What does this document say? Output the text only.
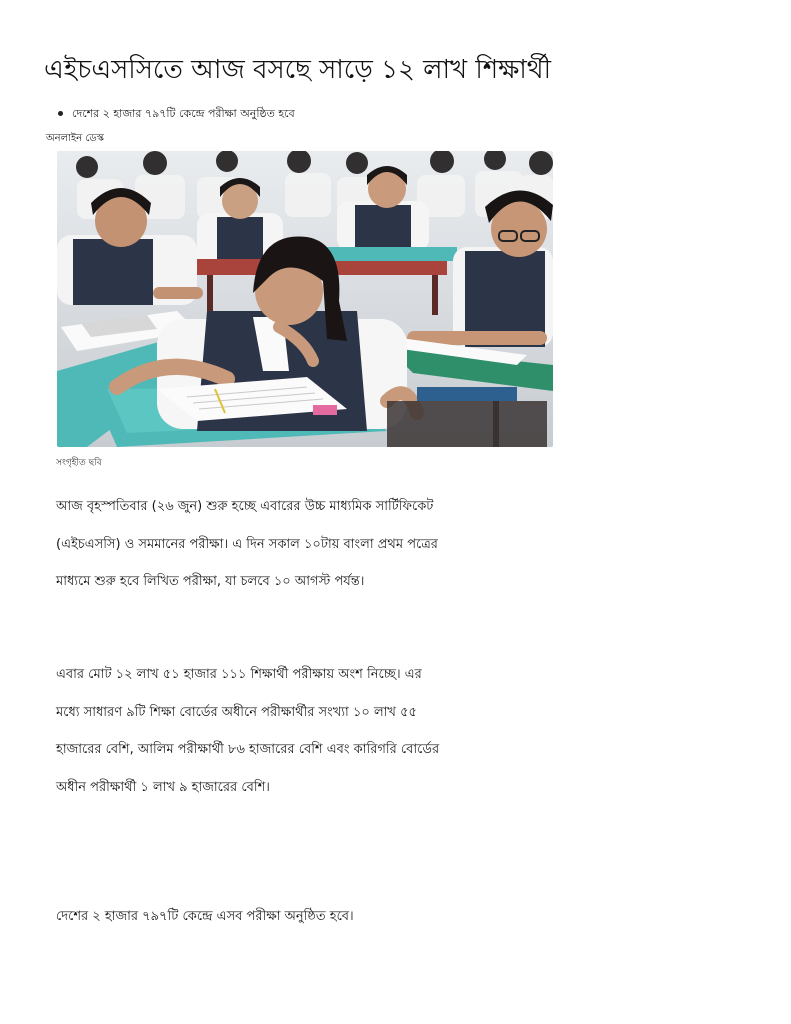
এইচএসসিতে আজ বসছে সাড়ে ১২ লাখ শিক্ষার্থী
দেশের ২ হাজার ৭৯৭টি কেন্দ্রে পরীক্ষা অনুষ্ঠিত হবে
অনলাইন ডেস্ক
সংগৃহীত ছবি

আজ বৃহস্পতিবার (২৬ জুন) শুরু হচ্ছে এবারের উচ্চ মাধ্যমিক সার্টিফিকেট (এইচএসসি) ও সমমানের পরীক্ষা। এ দিন সকাল ১০টায় বাংলা প্রথম পত্রের মাধ্যমে শুরু হবে লিখিত পরীক্ষা, যা চলবে ১০ আগস্ট পর্যন্ত।

এবার মোট ১২ লাখ ৫১ হাজার ১১১ শিক্ষার্থী পরীক্ষায় অংশ নিচ্ছে। এর মধ্যে সাধারণ ৯টি শিক্ষা বোর্ডের অধীনে পরীক্ষার্থীর সংখ্যা ১০ লাখ ৫৫ হাজারের বেশি, আলিম পরীক্ষার্থী ৮৬ হাজারের বেশি এবং কারিগরি বোর্ডের অধীন পরীক্ষার্থী ১ লাখ ৯ হাজারের বেশি।

দেশের ২ হাজার ৭৯৭টি কেন্দ্রে এসব পরীক্ষা অনুষ্ঠিত হবে।
